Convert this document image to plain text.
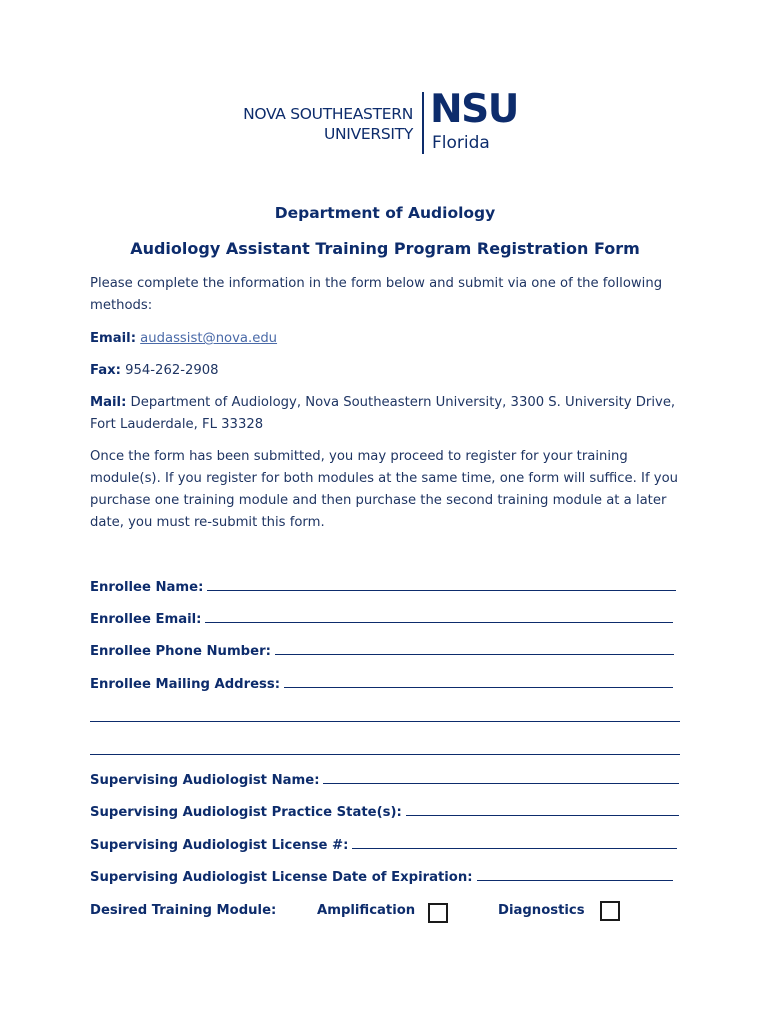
NOVA SOUTHEASTERN
UNIVERSITY
NSU
Florida
Department of Audiology
Audiology Assistant Training Program Registration Form
Please complete the information in the form below and submit via one of the following methods:
Email: audassist@nova.edu
Fax: 954-262-2908
Mail: Department of Audiology, Nova Southeastern University, 3300 S. University Drive, Fort Lauderdale, FL 33328
Once the form has been submitted, you may proceed to register for your training module(s). If you register for both modules at the same time, one form will suffice. If you purchase one training module and then purchase the second training module at a later date, you must re-submit this form.
Enrollee Name:
Enrollee Email:
Enrollee Phone Number:
Enrollee Mailing Address:
Supervising Audiologist Name:
Supervising Audiologist Practice State(s):
Supervising Audiologist License #:
Supervising Audiologist License Date of Expiration:
Desired Training Module:	Amplification	Diagnostics
